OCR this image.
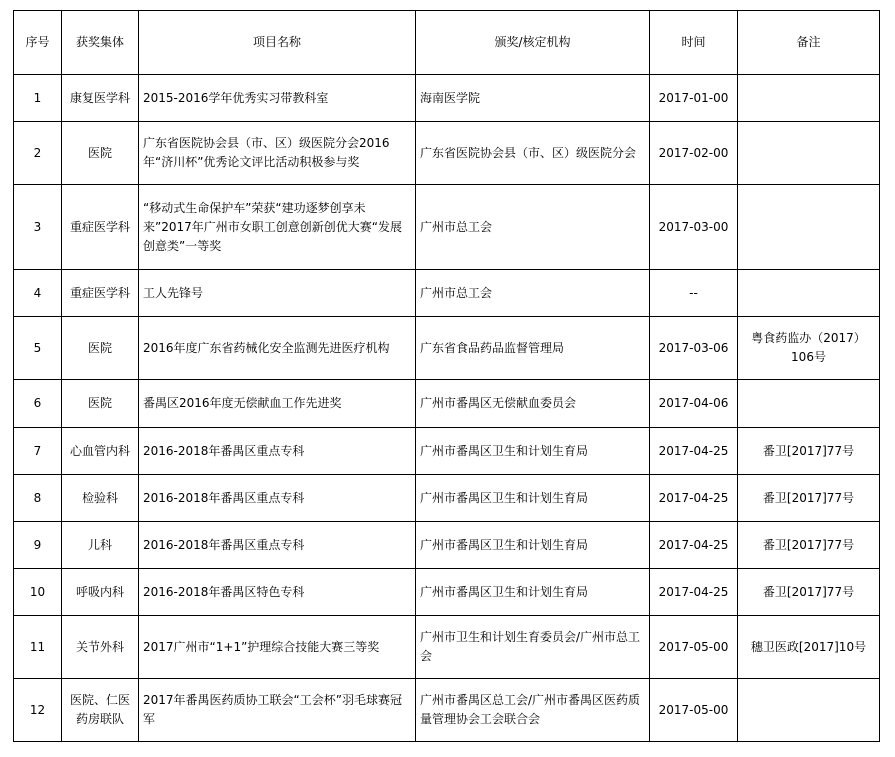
序号	获奖集体	项目名称	颁奖/核定机构	时间	备注
1	康复医学科	2015-2016学年优秀实习带教科室	海南医学院	2017-01-00	
2	医院	广东省医院协会县（市、区）级医院分会2016年“济川杯”优秀论文评比活动积极参与奖	广东省医院协会县（市、区）级医院分会	2017-02-00	
3	重症医学科	“移动式生命保护车”荣获“建功逐梦创享未来”2017年广州市女职工创意创新创优大赛“发展创意类”一等奖	广州市总工会	2017-03-00	
4	重症医学科	工人先锋号	广州市总工会	--	
5	医院	2016年度广东省药械化安全监测先进医疗机构	广东省食品药品监督管理局	2017-03-06	粤食药监办（2017）106号
6	医院	番禺区2016年度无偿献血工作先进奖	广州市番禺区无偿献血委员会	2017-04-06	
7	心血管内科	2016-2018年番禺区重点专科	广州市番禺区卫生和计划生育局	2017-04-25	番卫[2017]77号
8	检验科	2016-2018年番禺区重点专科	广州市番禺区卫生和计划生育局	2017-04-25	番卫[2017]77号
9	儿科	2016-2018年番禺区重点专科	广州市番禺区卫生和计划生育局	2017-04-25	番卫[2017]77号
10	呼吸内科	2016-2018年番禺区特色专科	广州市番禺区卫生和计划生育局	2017-04-25	番卫[2017]77号
11	关节外科	2017广州市“1+1”护理综合技能大赛三等奖	广州市卫生和计划生育委员会/广州市总工会	2017-05-00	穗卫医政[2017]10号
12	医院、仁医药房联队	2017年番禺医药质协工联会“工会杯”羽毛球赛冠军	广州市番禺区总工会/广州市番禺区医药质量管理协会工会联合会	2017-05-00	
